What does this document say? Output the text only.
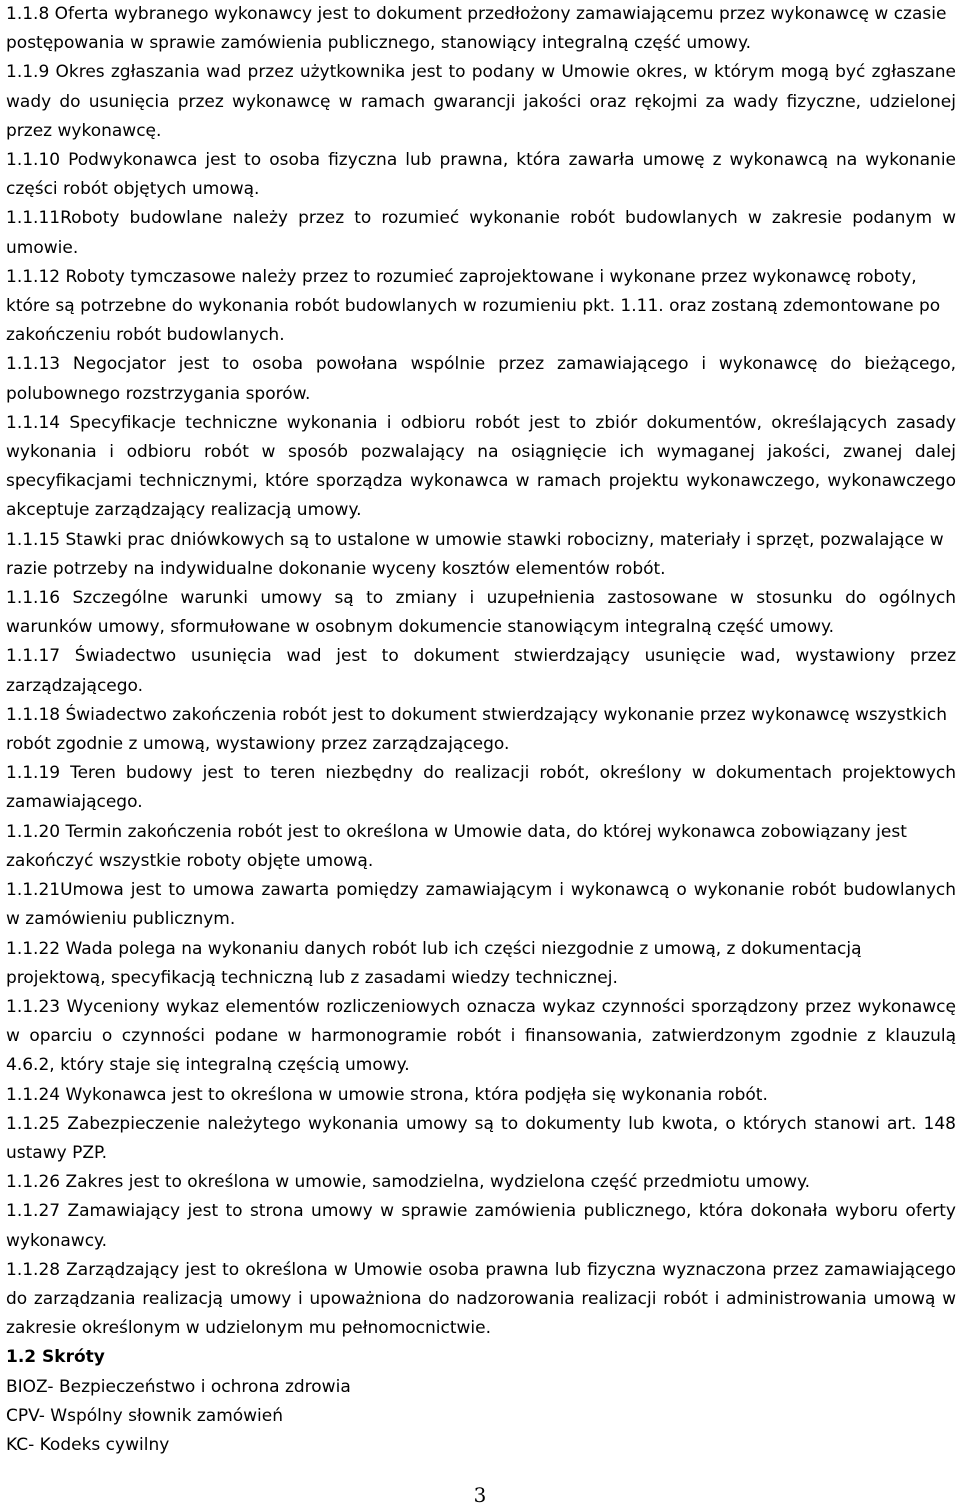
1.1.8 Oferta wybranego wykonawcy jest to dokument przedłożony zamawiającemu przez wykonawcę w czasie postępowania w sprawie zamówienia publicznego, stanowiący integralną część umowy.

1.1.9 Okres zgłaszania wad przez użytkownika jest to podany w Umowie okres, w którym mogą być zgłaszane wady do usunięcia przez wykonawcę w ramach gwarancji jakości oraz rękojmi za wady fizyczne, udzielonej przez wykonawcę.

1.1.10 Podwykonawca jest to osoba fizyczna lub prawna, która zawarła umowę z wykonawcą na wykonanie części robót objętych umową.

1.1.11Roboty budowlane należy przez to rozumieć wykonanie robót budowlanych w zakresie podanym w umowie.

1.1.12 Roboty tymczasowe należy przez to rozumieć zaprojektowane i wykonane przez wykonawcę roboty, które są potrzebne do wykonania robót budowlanych w rozumieniu pkt. 1.11. oraz zostaną zdemontowane po zakończeniu robót budowlanych.

1.1.13 Negocjator jest to osoba powołana wspólnie przez zamawiającego i wykonawcę do bieżącego, polubownego rozstrzygania sporów.

1.1.14 Specyfikacje techniczne wykonania i odbioru robót jest to zbiór dokumentów, określających zasady wykonania i odbioru robót w sposób pozwalający na osiągnięcie ich wymaganej jakości, zwanej dalej specyfikacjami technicznymi, które sporządza wykonawca w ramach projektu wykonawczego, wykonawczego akceptuje zarządzający realizacją umowy.

1.1.15 Stawki prac dniówkowych są to ustalone w umowie stawki robocizny, materiały i sprzęt, pozwalające w razie potrzeby na indywidualne dokonanie wyceny kosztów elementów robót.

1.1.16 Szczególne warunki umowy są to zmiany i uzupełnienia zastosowane w stosunku do ogólnych warunków umowy, sformułowane w osobnym dokumencie stanowiącym integralną część umowy.

1.1.17 Świadectwo usunięcia wad jest to dokument stwierdzający usunięcie wad, wystawiony przez zarządzającego.

1.1.18 Świadectwo zakończenia robót jest to dokument stwierdzający wykonanie przez wykonawcę wszystkich robót zgodnie z umową, wystawiony przez zarządzającego.

1.1.19 Teren budowy jest to teren niezbędny do realizacji robót, określony w dokumentach projektowych zamawiającego.

1.1.20 Termin zakończenia robót jest to określona w Umowie data, do której wykonawca zobowiązany jest zakończyć wszystkie roboty objęte umową.

1.1.21Umowa jest to umowa zawarta pomiędzy zamawiającym i wykonawcą o wykonanie robót budowlanych w zamówieniu publicznym.

1.1.22 Wada polega na wykonaniu danych robót lub ich części niezgodnie z umową, z dokumentacją projektową, specyfikacją techniczną lub z zasadami wiedzy technicznej.

1.1.23 Wyceniony wykaz elementów rozliczeniowych oznacza wykaz czynności sporządzony przez wykonawcę w oparciu o czynności podane w harmonogramie robót i finansowania, zatwierdzonym zgodnie z klauzulą 4.6.2, który staje się integralną częścią umowy.

1.1.24 Wykonawca jest to określona w umowie strona, która podjęła się wykonania robót.

1.1.25 Zabezpieczenie należytego wykonania umowy są to dokumenty lub kwota, o których stanowi art. 148 ustawy PZP.

1.1.26 Zakres jest to określona w umowie, samodzielna, wydzielona część przedmiotu umowy.

1.1.27 Zamawiający jest to strona umowy w sprawie zamówienia publicznego, która dokonała wyboru oferty wykonawcy.

1.1.28 Zarządzający jest to określona w Umowie osoba prawna lub fizyczna wyznaczona przez zamawiającego do zarządzania realizacją umowy i upoważniona do nadzorowania realizacji robót i administrowania umową w zakresie określonym w udzielonym mu pełnomocnictwie.

1.2 Skróty

BIOZ- Bezpieczeństwo i ochrona zdrowia

CPV- Wspólny słownik zamówień

KC- Kodeks cywilny

3
